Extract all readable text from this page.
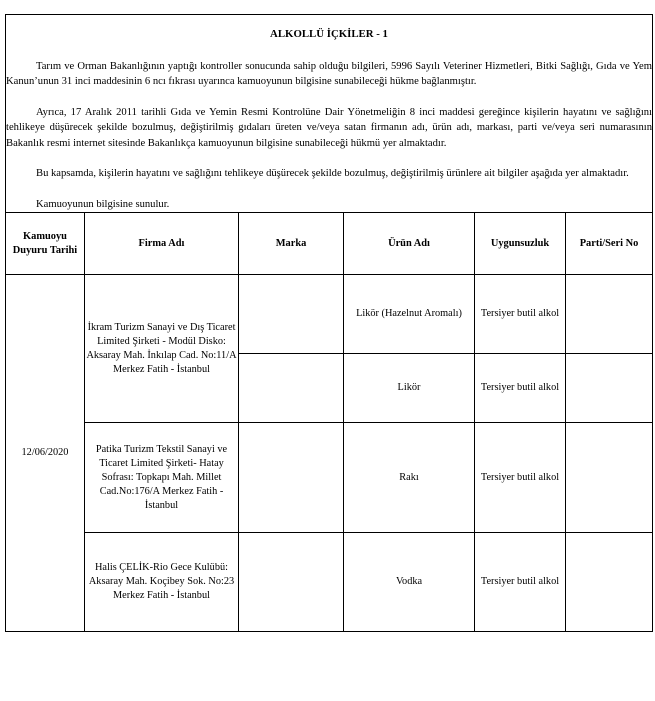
ALKOLLÜ İÇKİLER - 1

Tarım ve Orman Bakanlığının yaptığı kontroller sonucunda sahip olduğu bilgileri, 5996 Sayılı Veteriner Hizmetleri, Bitki Sağlığı, Gıda ve Yem Kanun’unun 31 inci maddesinin 6 ncı fıkrası uyarınca kamuoyunun bilgisine sunabileceği hükme bağlanmıştır.

Ayrıca, 17 Aralık 2011 tarihli Gıda ve Yemin Resmi Kontrolüne Dair Yönetmeliğin 8 inci maddesi gereğince kişilerin hayatını ve sağlığını tehlikeye düşürecek şekilde bozulmuş, değiştirilmiş gıdaları üreten ve/veya satan firmanın adı, ürün adı, markası, parti ve/veya seri numarasının Bakanlık resmi internet sitesinde Bakanlıkça kamuoyunun bilgisine sunabileceği hükmü yer almaktadır.

Bu kapsamda, kişilerin hayatını ve sağlığını tehlikeye düşürecek şekilde bozulmuş, değiştirilmiş ürünlere ait bilgiler aşağıda yer almaktadır.

Kamuoyunun bilgisine sunulur.					

Kamuoyu Duyuru Tarihi	Firma Adı	Marka	Ürün Adı	Uygunsuzluk	Parti/Seri No
12/06/2020	İkram Turizm Sanayi ve Dış Ticaret Limited Şirketi - Modül Disko: Aksaray Mah. İnkılap Cad. No:11/A Merkez Fatih - İstanbul		Likör (Hazelnut Aromalı)	Tersiyer butil alkol	
			Likör	Tersiyer butil alkol	
	Patika Turizm Tekstil Sanayi ve Ticaret Limited Şirketi- Hatay Sofrası: Topkapı Mah. Millet Cad.No:176/A Merkez Fatih - İstanbul		Rakı	Tersiyer butil alkol	
	Halis ÇELİK-Rio Gece Kulübü: Aksaray Mah. Koçibey Sok. No:23 Merkez Fatih - İstanbul		Vodka	Tersiyer butil alkol	
